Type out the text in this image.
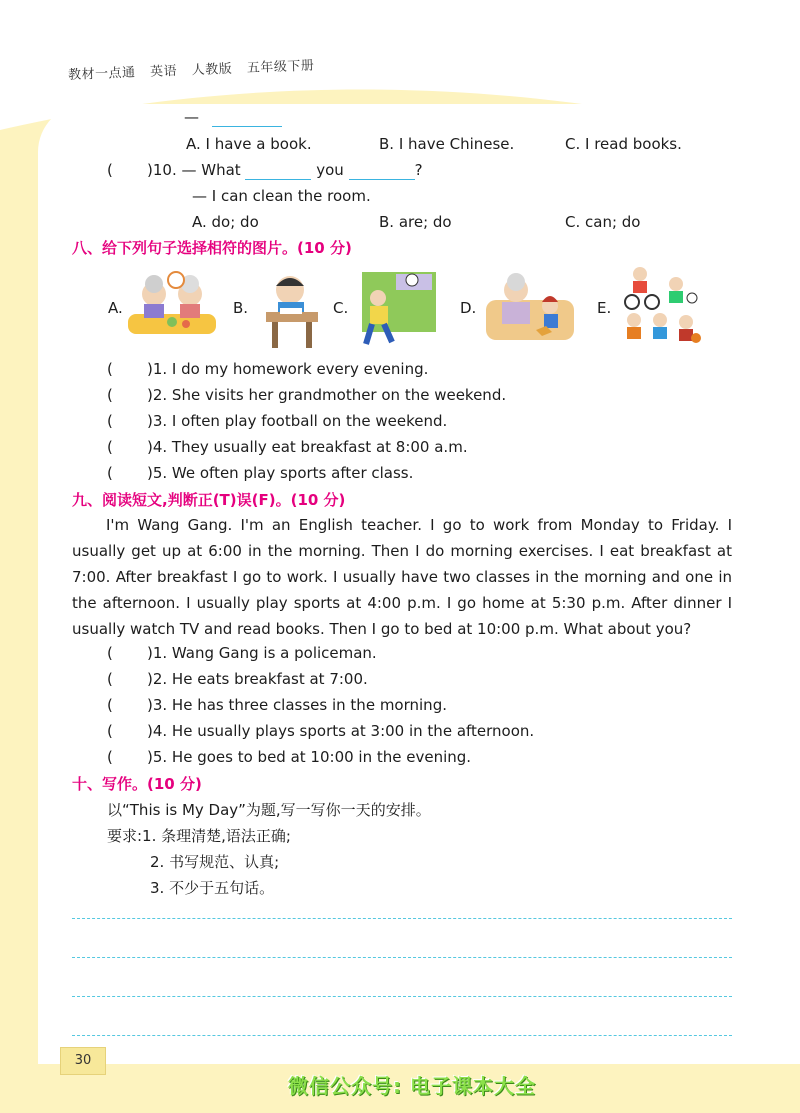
教材一点通 英语 人教版 五年级下册
—
A. I have a book.	B. I have Chinese.	C. I read books.
( )10. — What	you	?
— I can clean the room.
A. do; do	B. are; do	C. can; do
八、给下列句子选择相符的图片。(10 分)
A.	B.	C.	D.	E.
( )1. I do my homework every evening.
( )2. She visits her grandmother on the weekend.
( )3. I often play football on the weekend.
( )4. They usually eat breakfast at 8:00 a.m.
( )5. We often play sports after class.
九、阅读短文,判断正(T)误(F)。(10 分)

I'm Wang Gang. I'm an English teacher. I go to work from Monday to Friday. I usually get up at 6:00 in the morning. Then I do morning exercises. I eat breakfast at 7:00. After breakfast I go to work. I usually have two classes in the morning and one in the afternoon. I usually play sports at 4:00 p.m. I go home at 5:30 p.m. After dinner I usually watch TV and read books. Then I go to bed at 10:00 p.m. What about you?

( )1. Wang Gang is a policeman.
( )2. He eats breakfast at 7:00.
( )3. He has three classes in the morning.
( )4. He usually plays sports at 3:00 in the afternoon.
( )5. He goes to bed at 10:00 in the evening.
十、写作。(10 分)
以“This is My Day”为题,写一写你一天的安排。
要求:1. 条理清楚,语法正确;
2. 书写规范、认真;
3. 不少于五句话。
30
微信公众号: 电子课本大全
